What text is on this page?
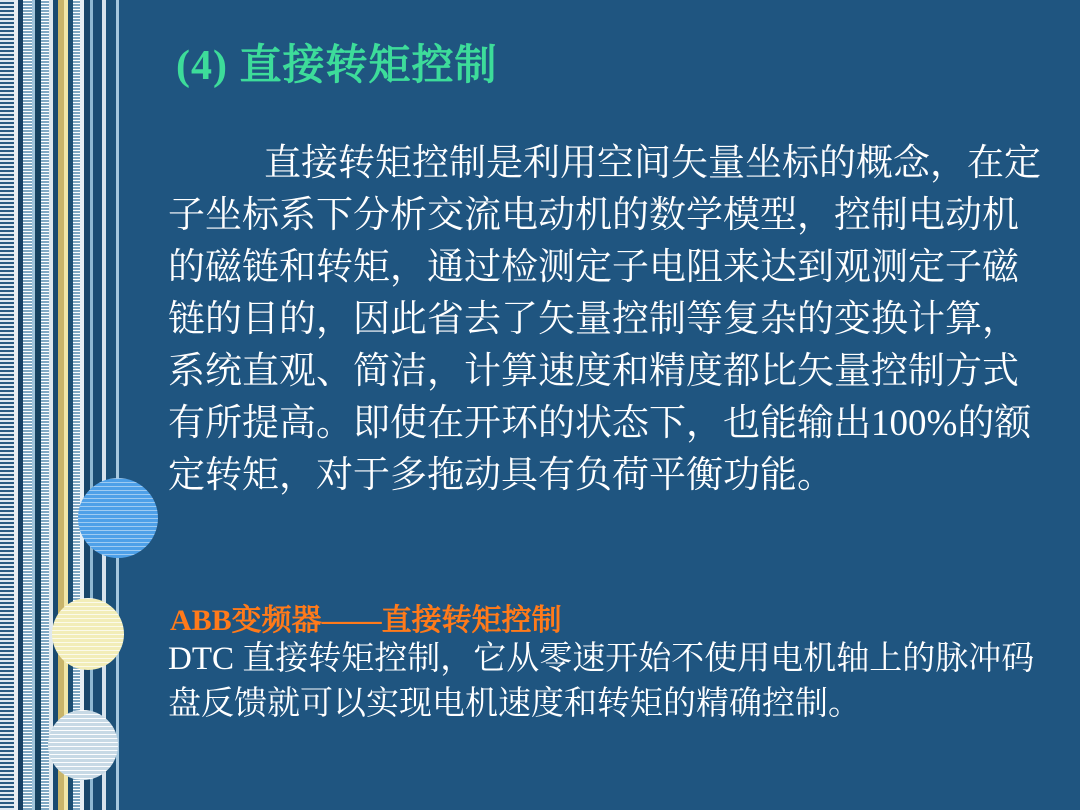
(4) 直接转矩控制

直接转矩控制是利用空间矢量坐标的概念，在定子坐标系下分析交流电动机的数学模型，控制电动机的磁链和转矩，通过检测定子电阻来达到观测定子磁链的目的，因此省去了矢量控制等复杂的变换计算，系统直观、简洁，计算速度和精度都比矢量控制方式有所提高。即使在开环的状态下，也能输出100%的额定转矩，对于多拖动具有负荷平衡功能。

ABB变频器——直接转矩控制

DTC 直接转矩控制，它从零速开始不使用电机轴上的脉冲码盘反馈就可以实现电机速度和转矩的精确控制。
